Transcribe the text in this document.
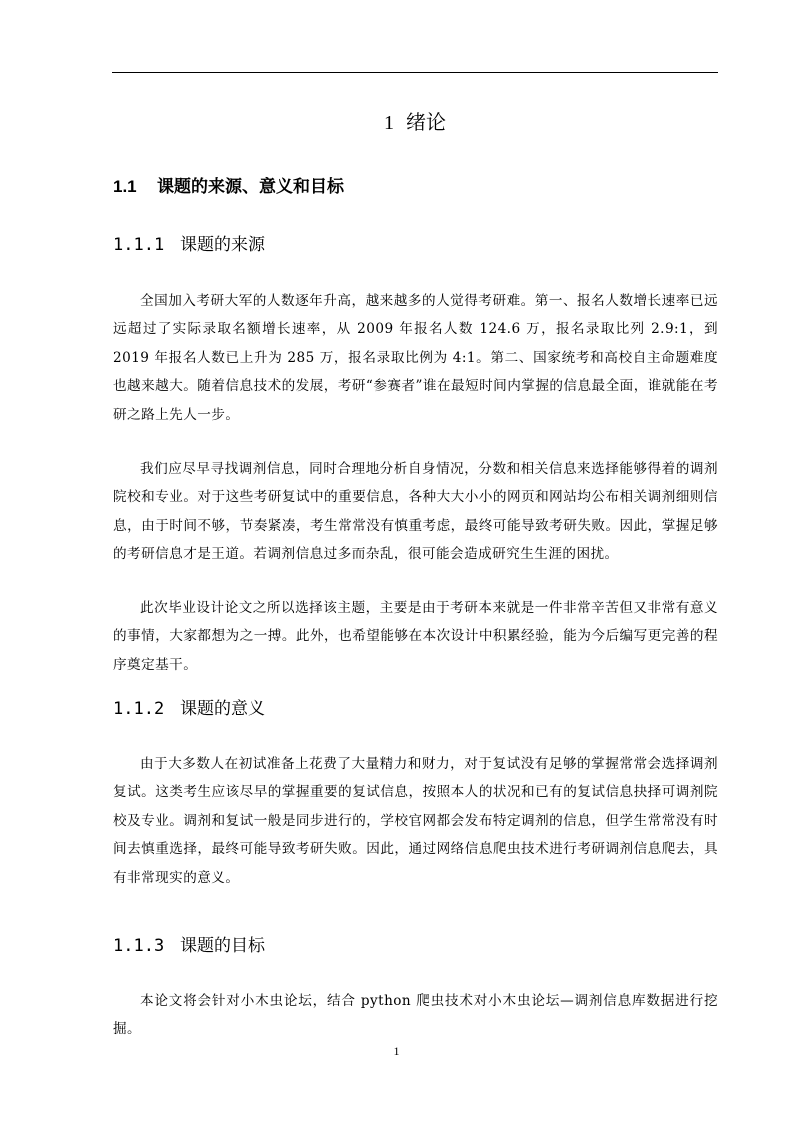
1 绪论
1.1 课题的来源、意义和目标
1.1.1 课题的来源
全国加入考研大军的人数逐年升高，越来越多的人觉得考研难。第一、报名人数增长速率已远远超过了实际录取名额增长速率，从 2009 年报名人数 124.6 万，报名录取比列 2.9:1，到 2019 年报名人数已上升为 285 万，报名录取比例为 4:1。第二、国家统考和高校自主命题难度也越来越大。随着信息技术的发展，考研“参赛者”谁在最短时间内掌握的信息最全面，谁就能在考研之路上先人一步。
我们应尽早寻找调剂信息，同时合理地分析自身情况，分数和相关信息来选择能够得着的调剂院校和专业。对于这些考研复试中的重要信息，各种大大小小的网页和网站均公布相关调剂细则信息，由于时间不够，节奏紧凑，考生常常没有慎重考虑，最终可能导致考研失败。因此，掌握足够的考研信息才是王道。若调剂信息过多而杂乱，很可能会造成研究生生涯的困扰。
此次毕业设计论文之所以选择该主题，主要是由于考研本来就是一件非常辛苦但又非常有意义的事情，大家都想为之一搏。此外，也希望能够在本次设计中积累经验，能为今后编写更完善的程序奠定基干。
1.1.2 课题的意义
由于大多数人在初试准备上花费了大量精力和财力，对于复试没有足够的掌握常常会选择调剂复试。这类考生应该尽早的掌握重要的复试信息，按照本人的状况和已有的复试信息抉择可调剂院校及专业。调剂和复试一般是同步进行的，学校官网都会发布特定调剂的信息，但学生常常没有时间去慎重选择，最终可能导致考研失败。因此，通过网络信息爬虫技术进行考研调剂信息爬去，具有非常现实的意义。
1.1.3 课题的目标
本论文将会针对小木虫论坛，结合 python 爬虫技术对小木虫论坛—调剂信息库数据进行挖掘。
1
